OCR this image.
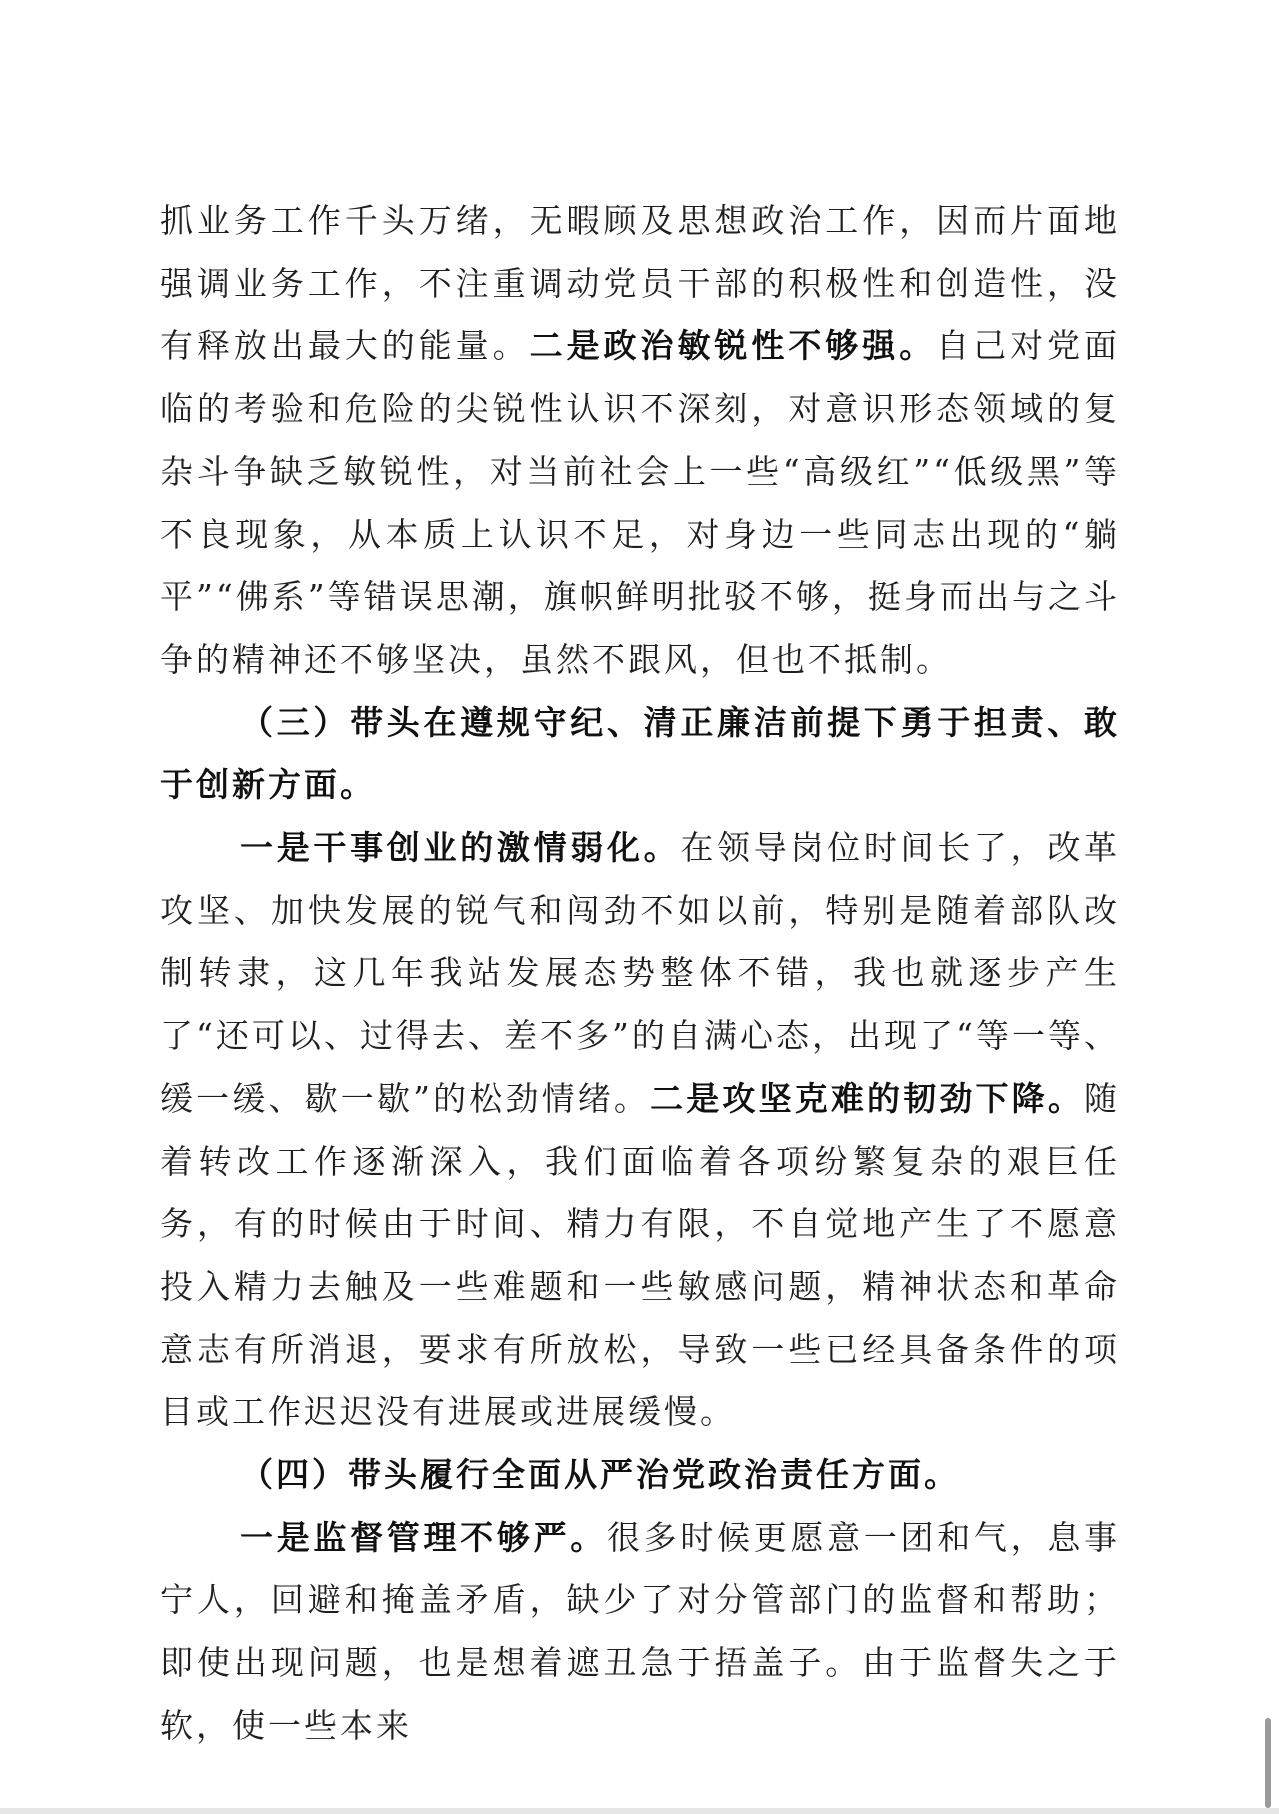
抓业务工作千头万绪，无暇顾及思想政治工作，因而片面地强调业务工作，不注重调动党员干部的积极性和创造性，没有释放出最大的能量。二是政治敏锐性不够强。自己对党面临的考验和危险的尖锐性认识不深刻，对意识形态领域的复杂斗争缺乏敏锐性，对当前社会上一些“高级红”“低级黑”等不良现象，从本质上认识不足，对身边一些同志出现的“躺平”“佛系”等错误思潮，旗帜鲜明批驳不够，挺身而出与之斗争的精神还不够坚决，虽然不跟风，但也不抵制。

（三）带头在遵规守纪、清正廉洁前提下勇于担责、敢于创新方面。

一是干事创业的激情弱化。在领导岗位时间长了，改革攻坚、加快发展的锐气和闯劲不如以前，特别是随着部队改制转隶，这几年我站发展态势整体不错，我也就逐步产生了“还可以、过得去、差不多”的自满心态，出现了“等一等、缓一缓、歇一歇”的松劲情绪。二是攻坚克难的韧劲下降。随着转改工作逐渐深入，我们面临着各项纷繁复杂的艰巨任务，有的时候由于时间、精力有限，不自觉地产生了不愿意投入精力去触及一些难题和一些敏感问题，精神状态和革命意志有所消退，要求有所放松，导致一些已经具备条件的项目或工作迟迟没有进展或进展缓慢。

（四）带头履行全面从严治党政治责任方面。

一是监督管理不够严。很多时候更愿意一团和气，息事宁人，回避和掩盖矛盾，缺少了对分管部门的监督和帮助；即使出现问题，也是想着遮丑急于捂盖子。由于监督失之于软，使一些本来
